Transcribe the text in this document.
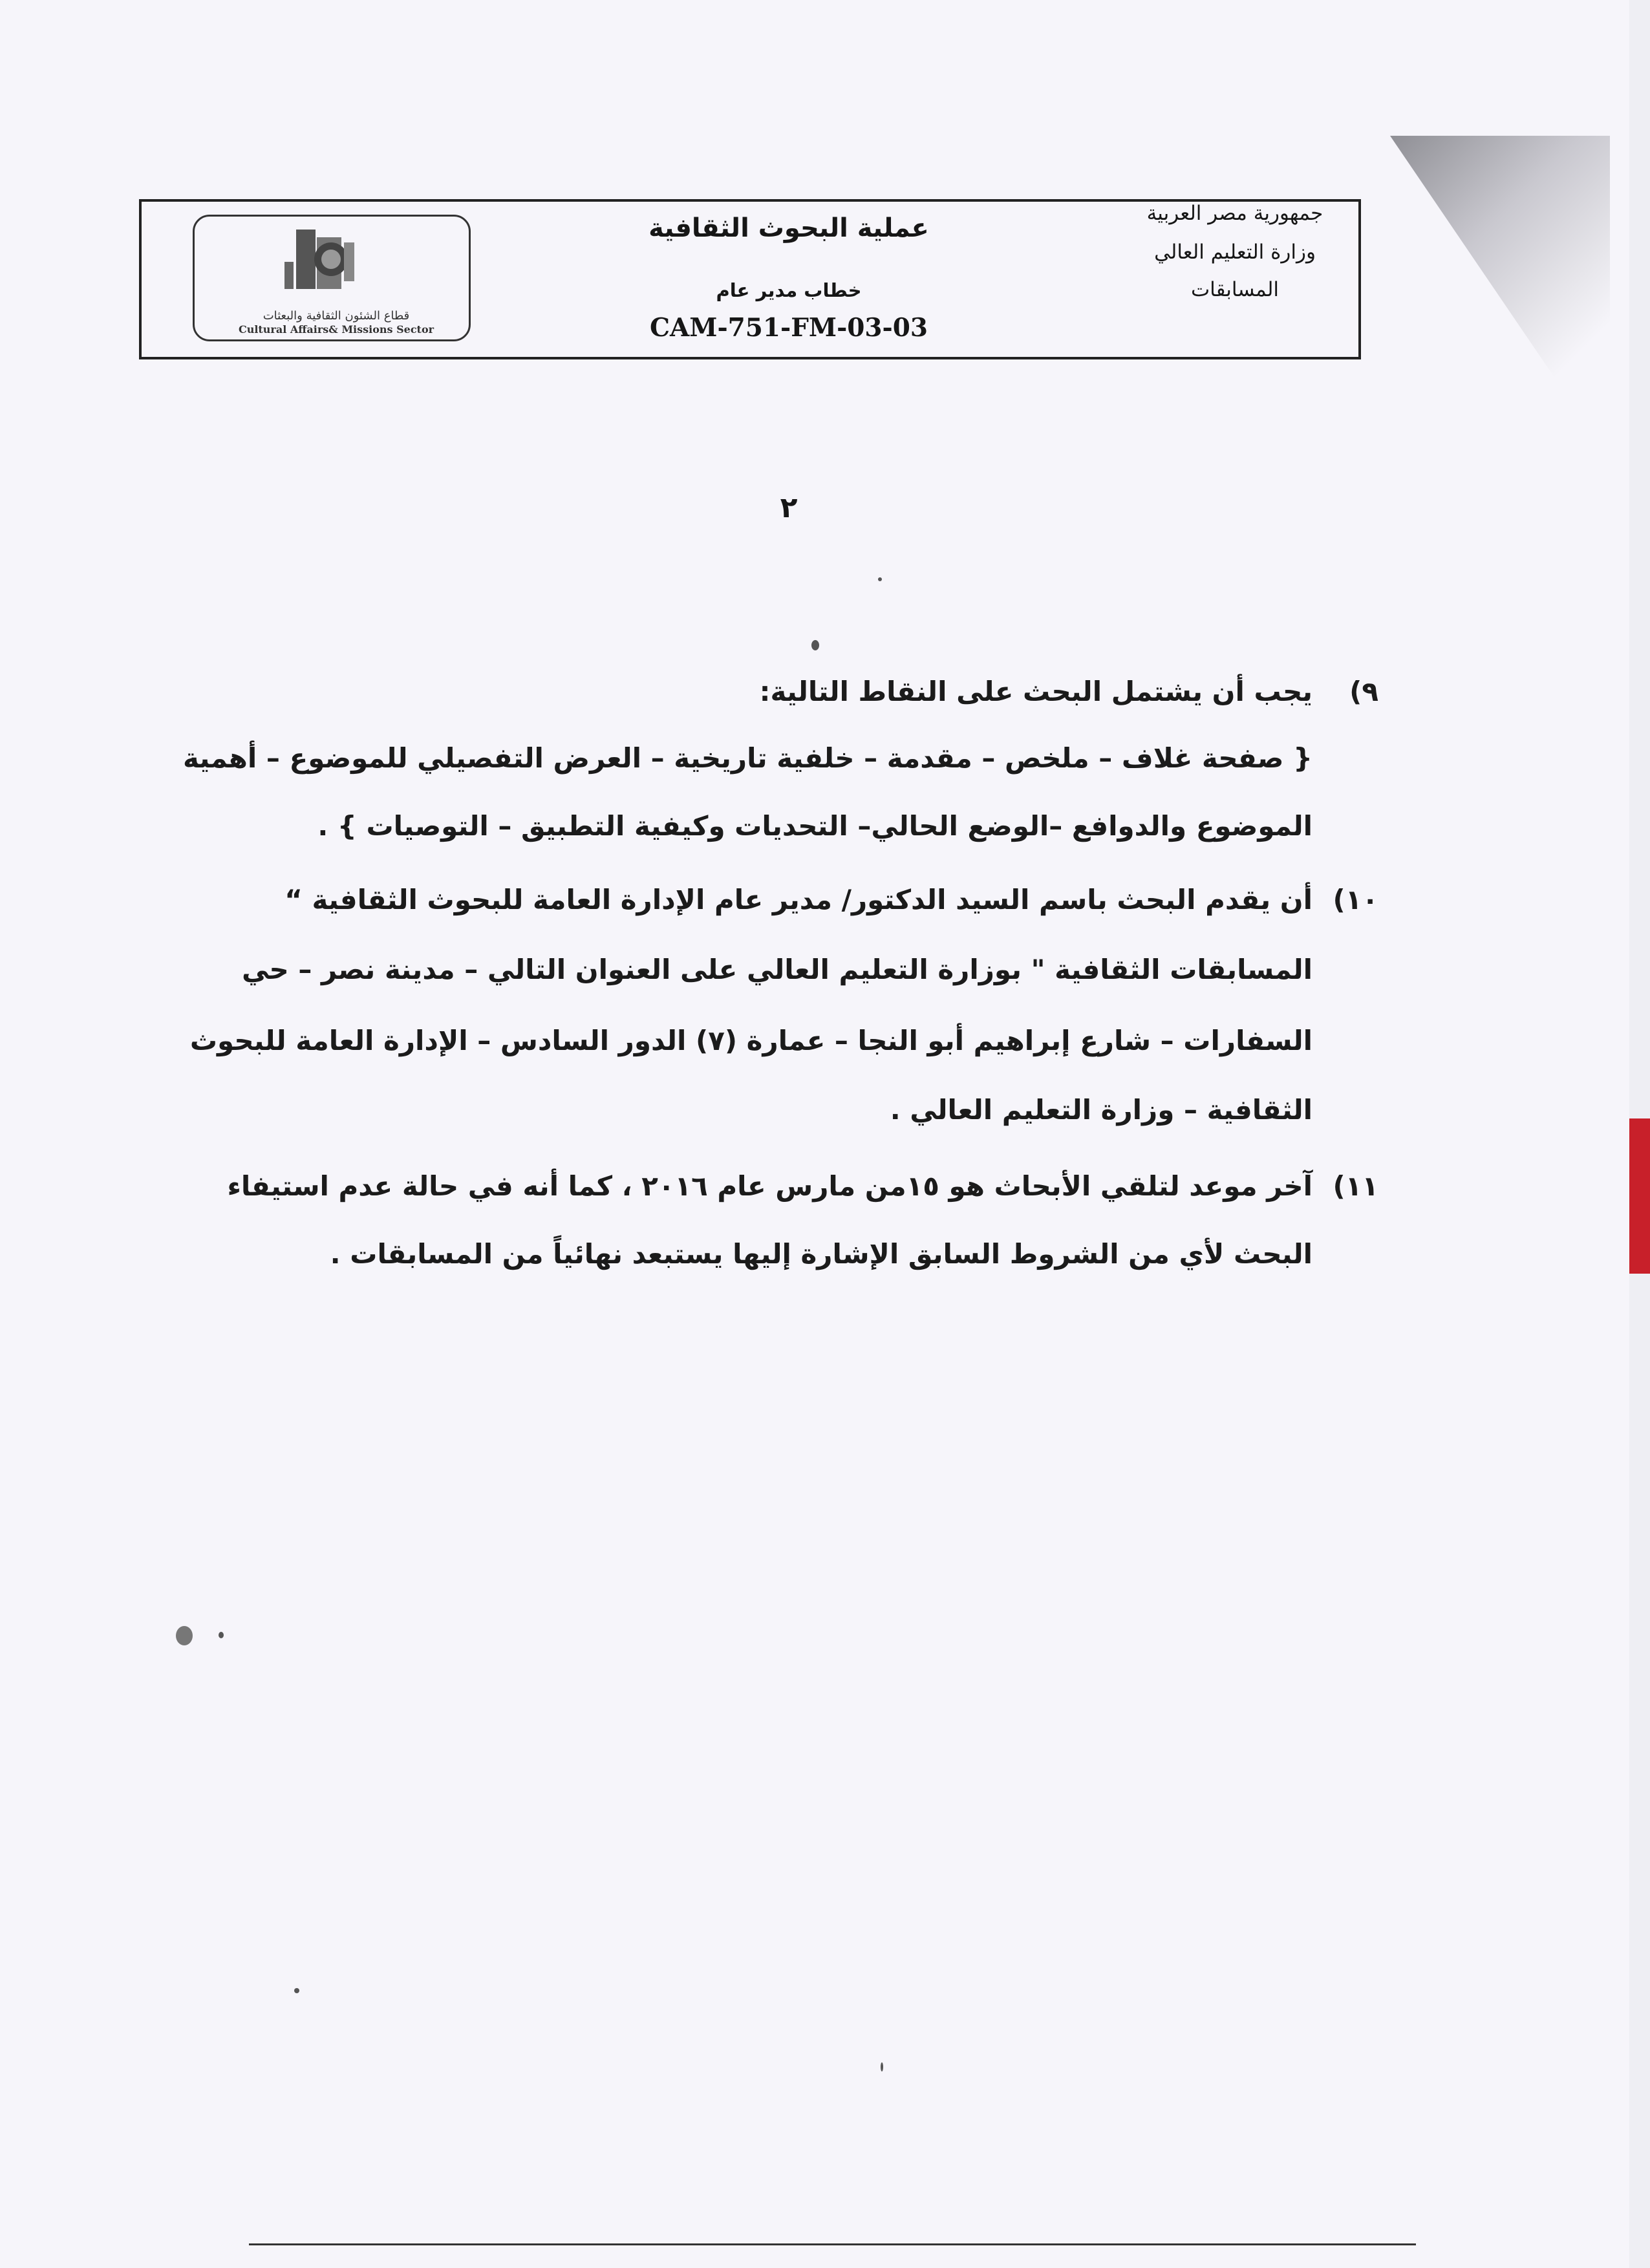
قطاع الشئون الثقافية والبعثات
Cultural Affairs& Missions Sector
عملية البحوث الثقافية
خطاب مدير عام
CAM-751-FM-03-03
جمهورية مصر العربية
وزارة التعليم العالي
المسابقات
٢
٩)
يجب أن يشتمل البحث على النقاط التالية:
{ صفحة غلاف – ملخص – مقدمة – خلفية تاريخية – العرض التفصيلي للموضوع – أهمية
الموضوع والدوافع –الوضع الحالي– التحديات وكيفية التطبيق – التوصيات } .
١٠)
أن يقدم البحث باسم السيد الدكتور/ مدير عام الإدارة العامة للبحوث الثقافية “
المسابقات الثقافية " بوزارة التعليم العالي على العنوان التالي – مدينة نصر – حي
السفارات – شارع إبراهيم أبو النجا – عمارة (٧) الدور السادس – الإدارة العامة للبحوث
الثقافية – وزارة التعليم العالي .
١١)
آخر موعد لتلقي الأبحاث هو ١٥من مارس عام ٢٠١٦ ، كما أنه في حالة عدم استيفاء
البحث لأي من الشروط السابق الإشارة إليها يستبعد نهائياً من المسابقات .
